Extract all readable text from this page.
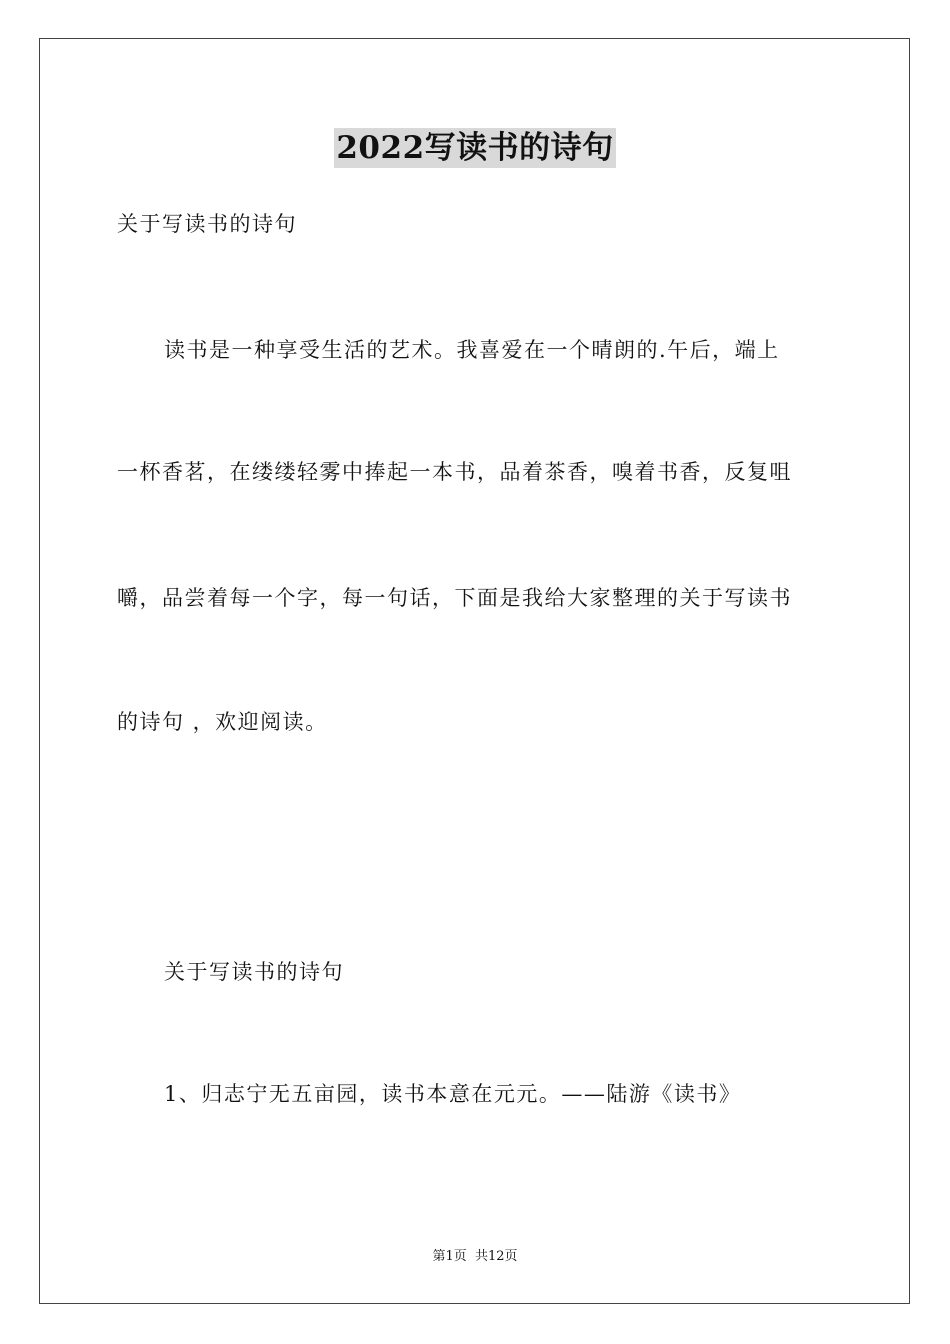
2022写读书的诗句
关于写读书的诗句
读书是一种享受生活的艺术。我喜爱在一个晴朗的.午后，端上
一杯香茗，在缕缕轻雾中捧起一本书，品着茶香，嗅着书香，反复咀
嚼，品尝着每一个字，每一句话，下面是我给大家整理的关于写读书
的诗句 ，欢迎阅读。
关于写读书的诗句
1、归志宁无五亩园，读书本意在元元。——陆游《读书》
第1页 共12页
